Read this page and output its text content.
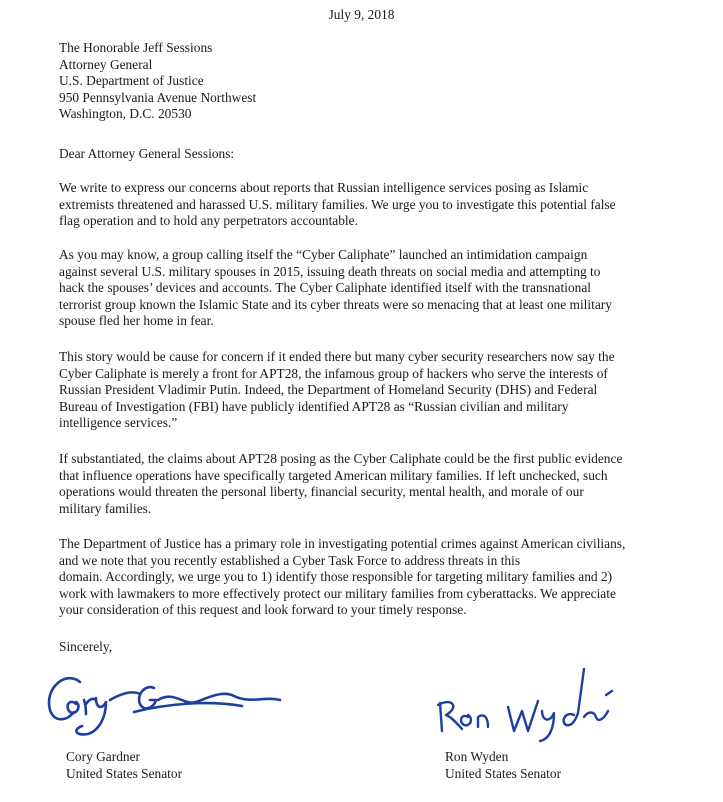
July 9, 2018
The Honorable Jeff Sessions
Attorney General
U.S. Department of Justice
950 Pennsylvania Avenue Northwest
Washington, D.C. 20530
Dear Attorney General Sessions:
We write to express our concerns about reports that Russian intelligence services posing as Islamic
extremists threatened and harassed U.S. military families. We urge you to investigate this potential false
flag operation and to hold any perpetrators accountable.
As you may know, a group calling itself the “Cyber Caliphate” launched an intimidation campaign
against several U.S. military spouses in 2015, issuing death threats on social media and attempting to
hack the spouses’ devices and accounts. The Cyber Caliphate identified itself with the transnational
terrorist group known the Islamic State and its cyber threats were so menacing that at least one military
spouse fled her home in fear.
This story would be cause for concern if it ended there but many cyber security researchers now say the
Cyber Caliphate is merely a front for APT28, the infamous group of hackers who serve the interests of
Russian President Vladimir Putin. Indeed, the Department of Homeland Security (DHS) and Federal
Bureau of Investigation (FBI) have publicly identified APT28 as “Russian civilian and military
intelligence services.”
If substantiated, the claims about APT28 posing as the Cyber Caliphate could be the first public evidence
that influence operations have specifically targeted American military families. If left unchecked, such
operations would threaten the personal liberty, financial security, mental health, and morale of our
military families.
The Department of Justice has a primary role in investigating potential crimes against American civilians,
and we note that you recently established a Cyber Task Force to address threats in this
domain. Accordingly, we urge you to 1) identify those responsible for targeting military families and 2)
work with lawmakers to more effectively protect our military families from cyberattacks. We appreciate
your consideration of this request and look forward to your timely response.
Sincerely,
Cory Gardner
United States Senator
Ron Wyden
United States Senator
